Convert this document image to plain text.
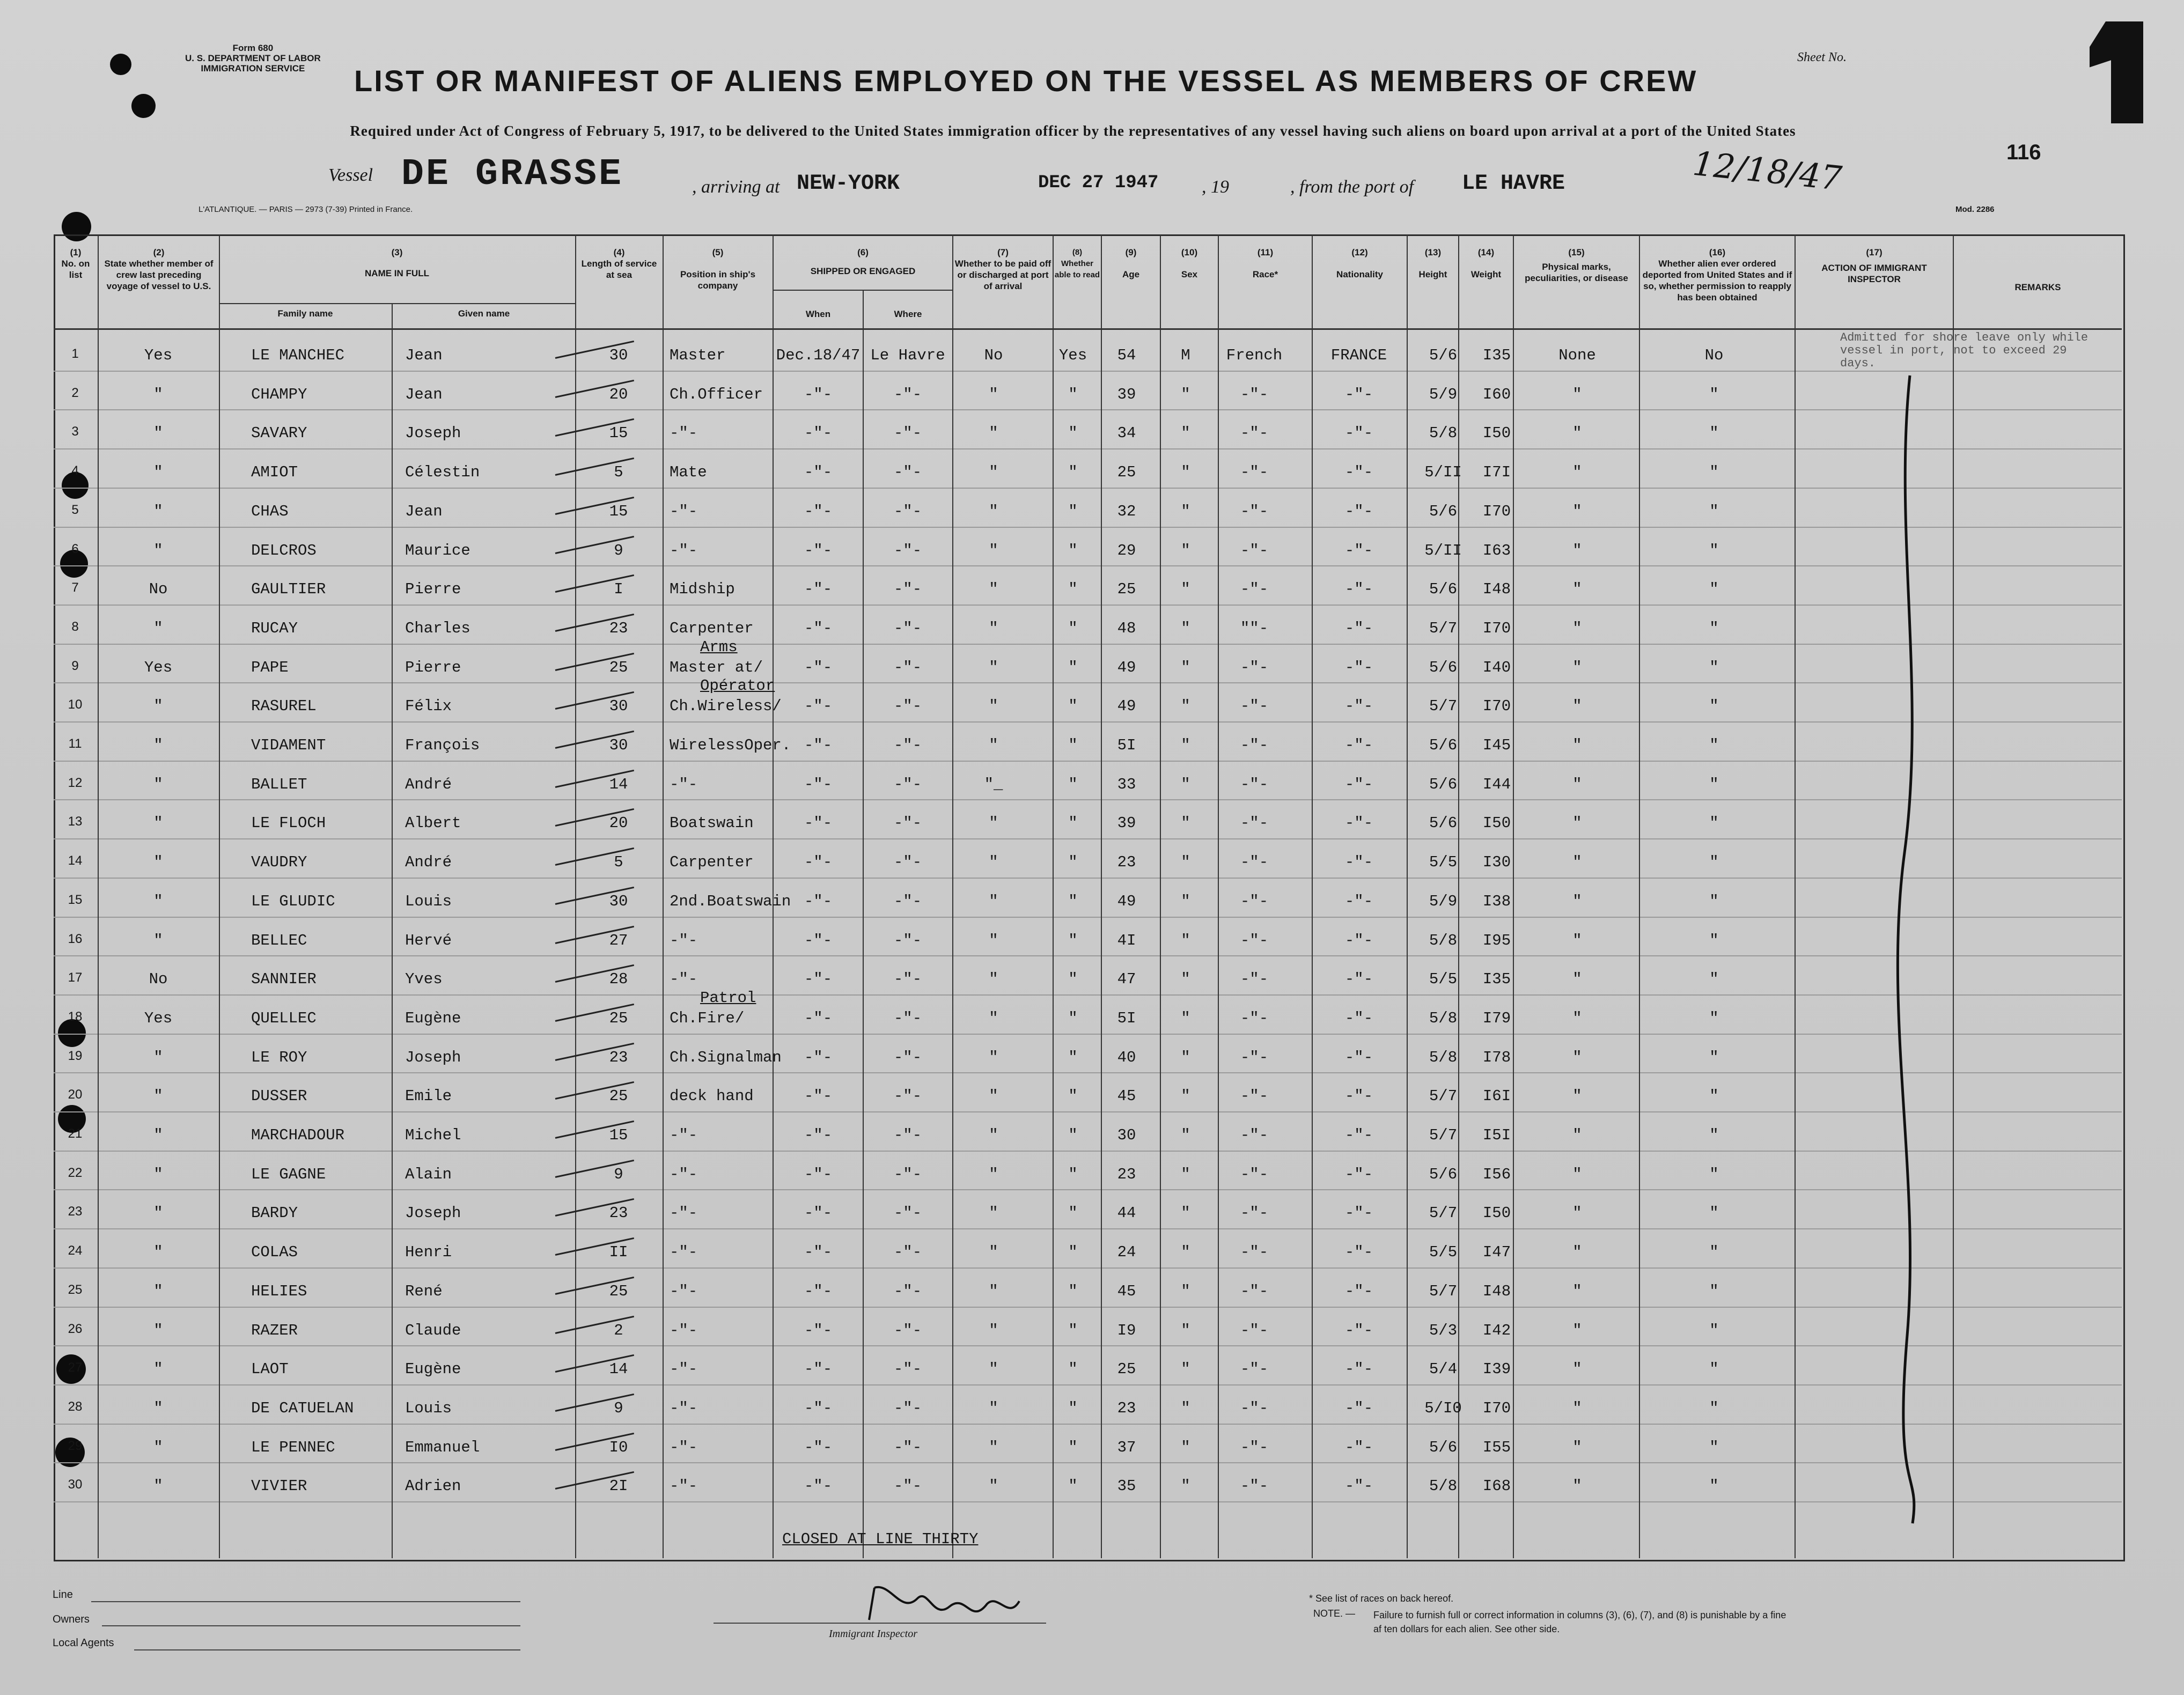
Form 680
U. S. DEPARTMENT OF LABOR
IMMIGRATION SERVICE	LIST OR MANIFEST OF ALIENS EMPLOYED ON THE VESSEL AS MEMBERS OF CREW
Sheet No.
Required under Act of Congress of February 5, 1917, to be delivered to the United States immigration officer by the representatives of any vessel having such aliens on board upon arrival at a port of the United States
116
Vessel DE GRASSE	, arriving at NEW-YORK	DEC 27 1947 , 19	, from the port of LE HAVRE	12/18/47
L'ATLANTIQUE. — PARIS — 2973 (7-39) Printed in France.	Mod. 2286
(1)
No. on list
(2)
State whether member of crew last preceding voyage of vessel to U.S.
(3)
NAME IN FULL
Family name	Given name
(4)
Length of service at sea
(5)
Position in ship's company
(6)
SHIPPED OR ENGAGED
When	Where
(7)
Whether to be paid off or discharged at port of arrival
(8)
Whether able to read
(9)
Age
(10)
Sex
(11)
Race*
(12)
Nationality
(13)
Height
(14)
Weight
(15)
Physical marks, peculiarities, or disease
(16)
Whether alien ever ordered deported from United States and if so, whether permission to reapply has been obtained
(17)
ACTION OF IMMIGRANT INSPECTOR
REMARKS
Admitted for shore leave only while vessel in port, not to exceed 29 days.
1	Yes	LE MANCHEC	Jean	30	Master	Dec.18/47 Le Havre	No	Yes 54	M French	FRANCE	5/6 I35	None	No
2	"	CHAMPY	Jean	20	Ch.Officer	-"-	-"-	"	"	39	"	-"-	-"-	5/9 I60	"	"
3	"	SAVARY	Joseph	15	-"-	-"-	-"-	"	"	34	"	-"-	-"-	5/8 I50	"	"
4	"	AMIOT	Célestin	5	Mate	-"-	-"-	"	"	25	"	-"-	-"-	5/II I7I	"	"
5	"	CHAS	Jean	15	-"-	-"-	-"-	"	"	32	"	-"-	-"-	5/6 I70	"	"
6	"	DELCROS	Maurice	9	-"-	-"-	-"-	"	"	29	"	-"-	-"-	5/II I63	"	"
7	No	GAULTIER	Pierre	I	Midship	-"-	-"-	"	"	25	"	-"-	-"-	5/6 I48	"	"
8	"	RUCAY	Charles	23	Carpenter	-"-	-"-	"	"	48	"	""-	-"-	5/7 I70	"	"
9	Yes	PAPE	Pierre	25	Master at/	-"-	-"-	"	"	49	"	-"-	-"-	5/6 I40	"	"
Arms
10	"	RASUREL	Félix	30	Ch.Wireless/ -"-	-"-	"	"	49	"	-"-	-"-	5/7 I70	"	"
Opérator
11	"	VIDAMENT	François	30	WirelessOper. -"-	-"-	"	"	5I	"	-"-	-"-	5/6 I45	"	"
12	"	BALLET	André	14	-"-	-"-	-"-	"_	"	33	"	-"-	-"-	5/6 I44	"	"
13	"	LE FLOCH	Albert	20	Boatswain	-"-	-"-	"	"	39	"	-"-	-"-	5/6 I50	"	"
14	"	VAUDRY	André	5	Carpenter	-"-	-"-	"	"	23	"	-"-	-"-	5/5 I30	"	"
15	"	LE GLUDIC	Louis	30	2nd.Boatswain -"-	-"-	"	"	49	"	-"-	-"-	5/9 I38	"	"
16	"	BELLEC	Hervé	27	-"-	-"-	-"-	"	"	4I	"	-"-	-"-	5/8 I95	"	"
17	No	SANNIER	Yves	28	-"-	-"-	-"-	"	"	47	"	-"-	-"-	5/5 I35	"	"
18	Yes	QUELLEC	Eugène	25	Ch.Fire/	-"-	-"-	"	"	5I	"	-"-	-"-	5/8 I79	"	"
Patrol
19	"	LE ROY	Joseph	23	Ch.Signalman -"-	-"-	"	"	40	"	-"-	-"-	5/8 I78	"	"
20	"	DUSSER	Emile	25	deck hand	-"-	-"-	"	"	45	"	-"-	-"-	5/7 I6I	"	"
21	"	MARCHADOUR	Michel	15	-"-	-"-	-"-	"	"	30	"	-"-	-"-	5/7 I5I	"	"
22	"	LE GAGNE	Alain	9	-"-	-"-	-"-	"	"	23	"	-"-	-"-	5/6 I56	"	"
23	"	BARDY	Joseph	23	-"-	-"-	-"-	"	"	44	"	-"-	-"-	5/7 I50	"	"
24	"	COLAS	Henri	II	-"-	-"-	-"-	"	"	24	"	-"-	-"-	5/5 I47	"	"
25	"	HELIES	René	25	-"-	-"-	-"-	"	"	45	"	-"-	-"-	5/7 I48	"	"
26	"	RAZER	Claude	2	-"-	-"-	-"-	"	"	I9	"	-"-	-"-	5/3 I42	"	"
27	"	LAOT	Eugène	14	-"-	-"-	-"-	"	"	25	"	-"-	-"-	5/4 I39	"	"
28	"	DE CATUELAN	Louis	9	-"-	-"-	-"-	"	"	23	"	-"-	-"-	5/I0 I70	"	"
29	"	LE PENNEC	Emmanuel	I0	-"-	-"-	-"-	"	"	37	"	-"-	-"-	5/6 I55	"	"
30	"	VIVIER	Adrien	2I	-"-	-"-	-"-	"	"	35	"	-"-	-"-	5/8 I68	"	"
CLOSED AT LINE THIRTY
Line
Owners
Local Agents
Immigrant Inspector
* See list of races on back hereof.
NOTE. — Failure to furnish full or correct information in columns (3), (6), (7), and (8) is punishable by a fine af ten dollars for each alien. See other side.
